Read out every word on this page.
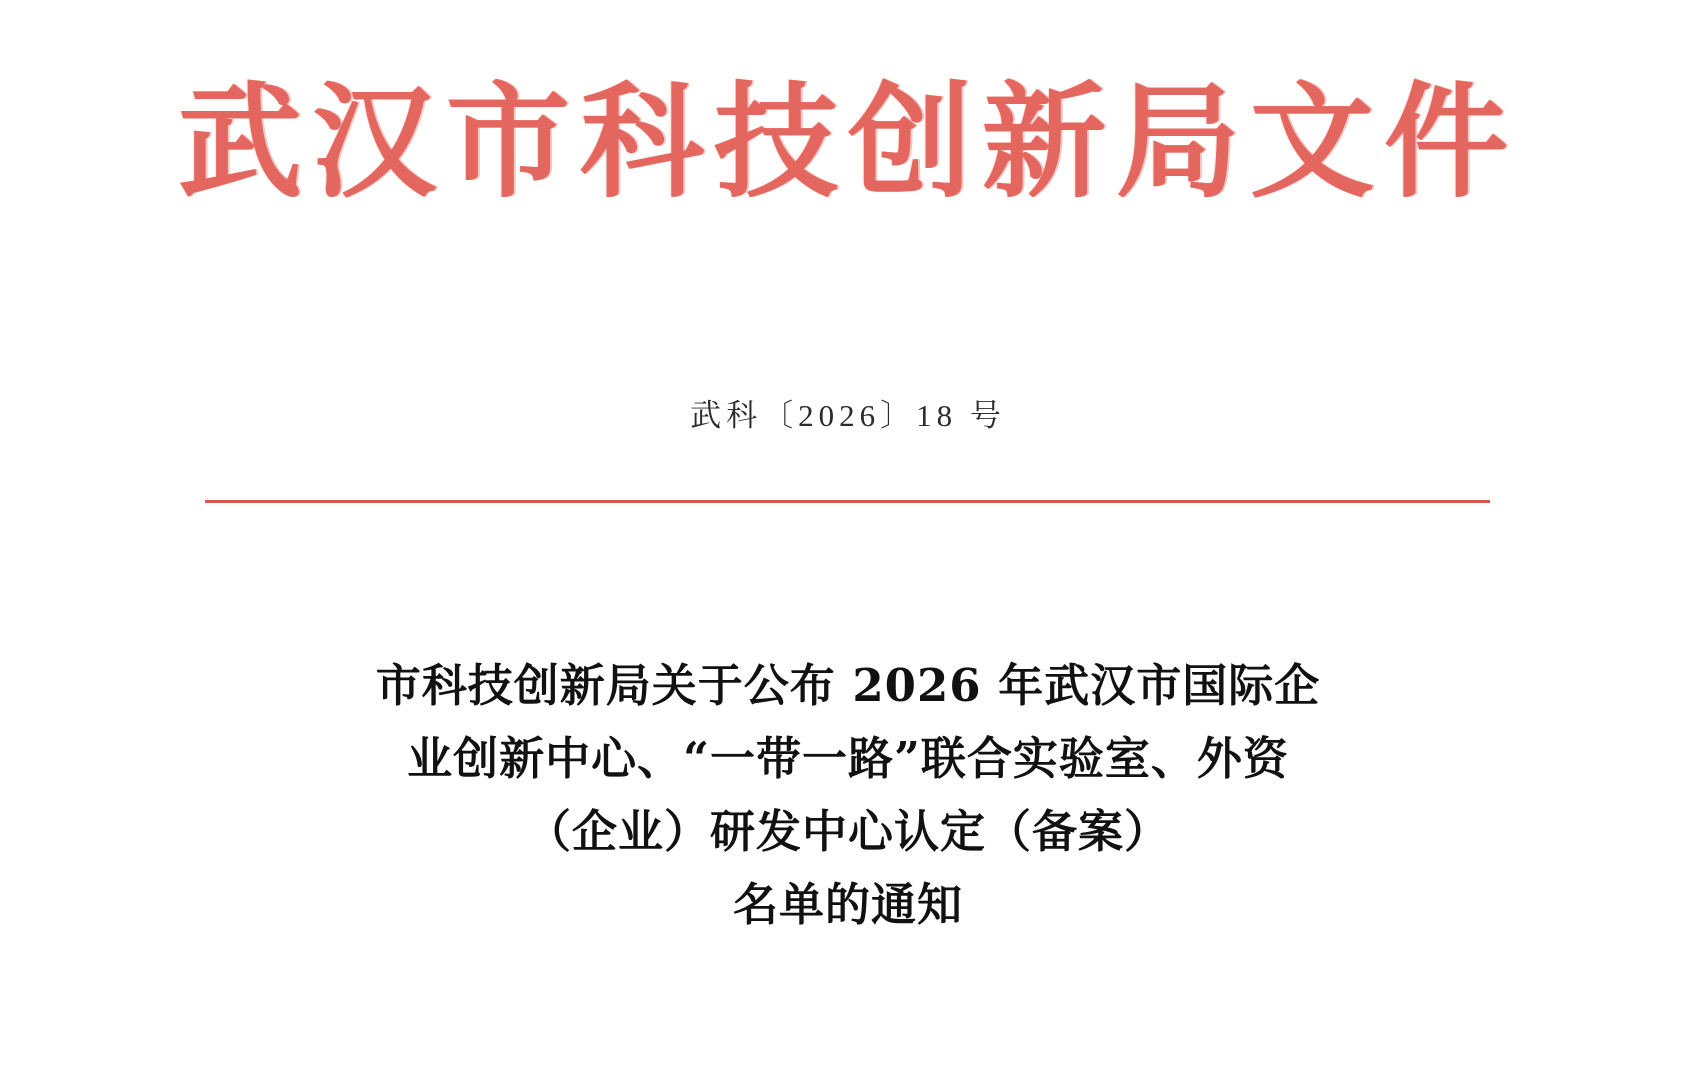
武汉市科技创新局文件
武科〔2026〕18 号
市科技创新局关于公布 2026 年武汉市国际企
业创新中心、“一带一路”联合实验室、外资
（企业）研发中心认定（备案）
名单的通知
